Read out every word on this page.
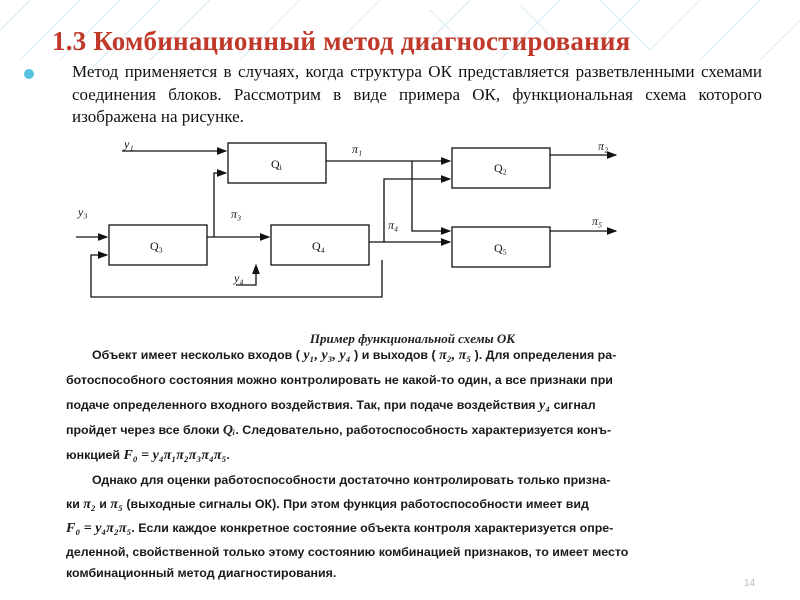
1.3 Комбинационный метод диагностирования
Метод применяется в случаях, когда структура ОК представляется разветвленными схемами соединения блоков. Рассмотрим в виде примера ОК, функциональная схема которого изображена на рисунке.
Qi	Q₂
Q₃	Q₄	Q₅
y₁
y₃
y₄
π₁	π₂
π₃
π₄	π₅
Пример функциональной схемы ОК
Объект имеет несколько входов ( y₁, y₃, y₄ ) и выходов ( π₂, π₅ ). Для определения ра-
ботоспособного состояния можно контролировать не какой-то один, а все признаки при
подаче определенного входного воздействия. Так, при подаче воздействия y₄ сигнал
пройдет через все блоки Qᵢ. Следовательно, работоспособность характеризуется конъ-
юнкцией F₀ = y₄π₁π₂π₃π₄π₅.
Однако для оценки работоспособности достаточно контролировать только призна-
ки π₂ и π₅ (выходные сигналы ОК). При этом функция работоспособности имеет вид
F₀ = y₄π₂π₅. Если каждое конкретное состояние объекта контроля характеризуется опре-
деленной, свойственной только этому состоянию комбинацией признаков, то имеет место
комбинационный метод диагностирования.
14
